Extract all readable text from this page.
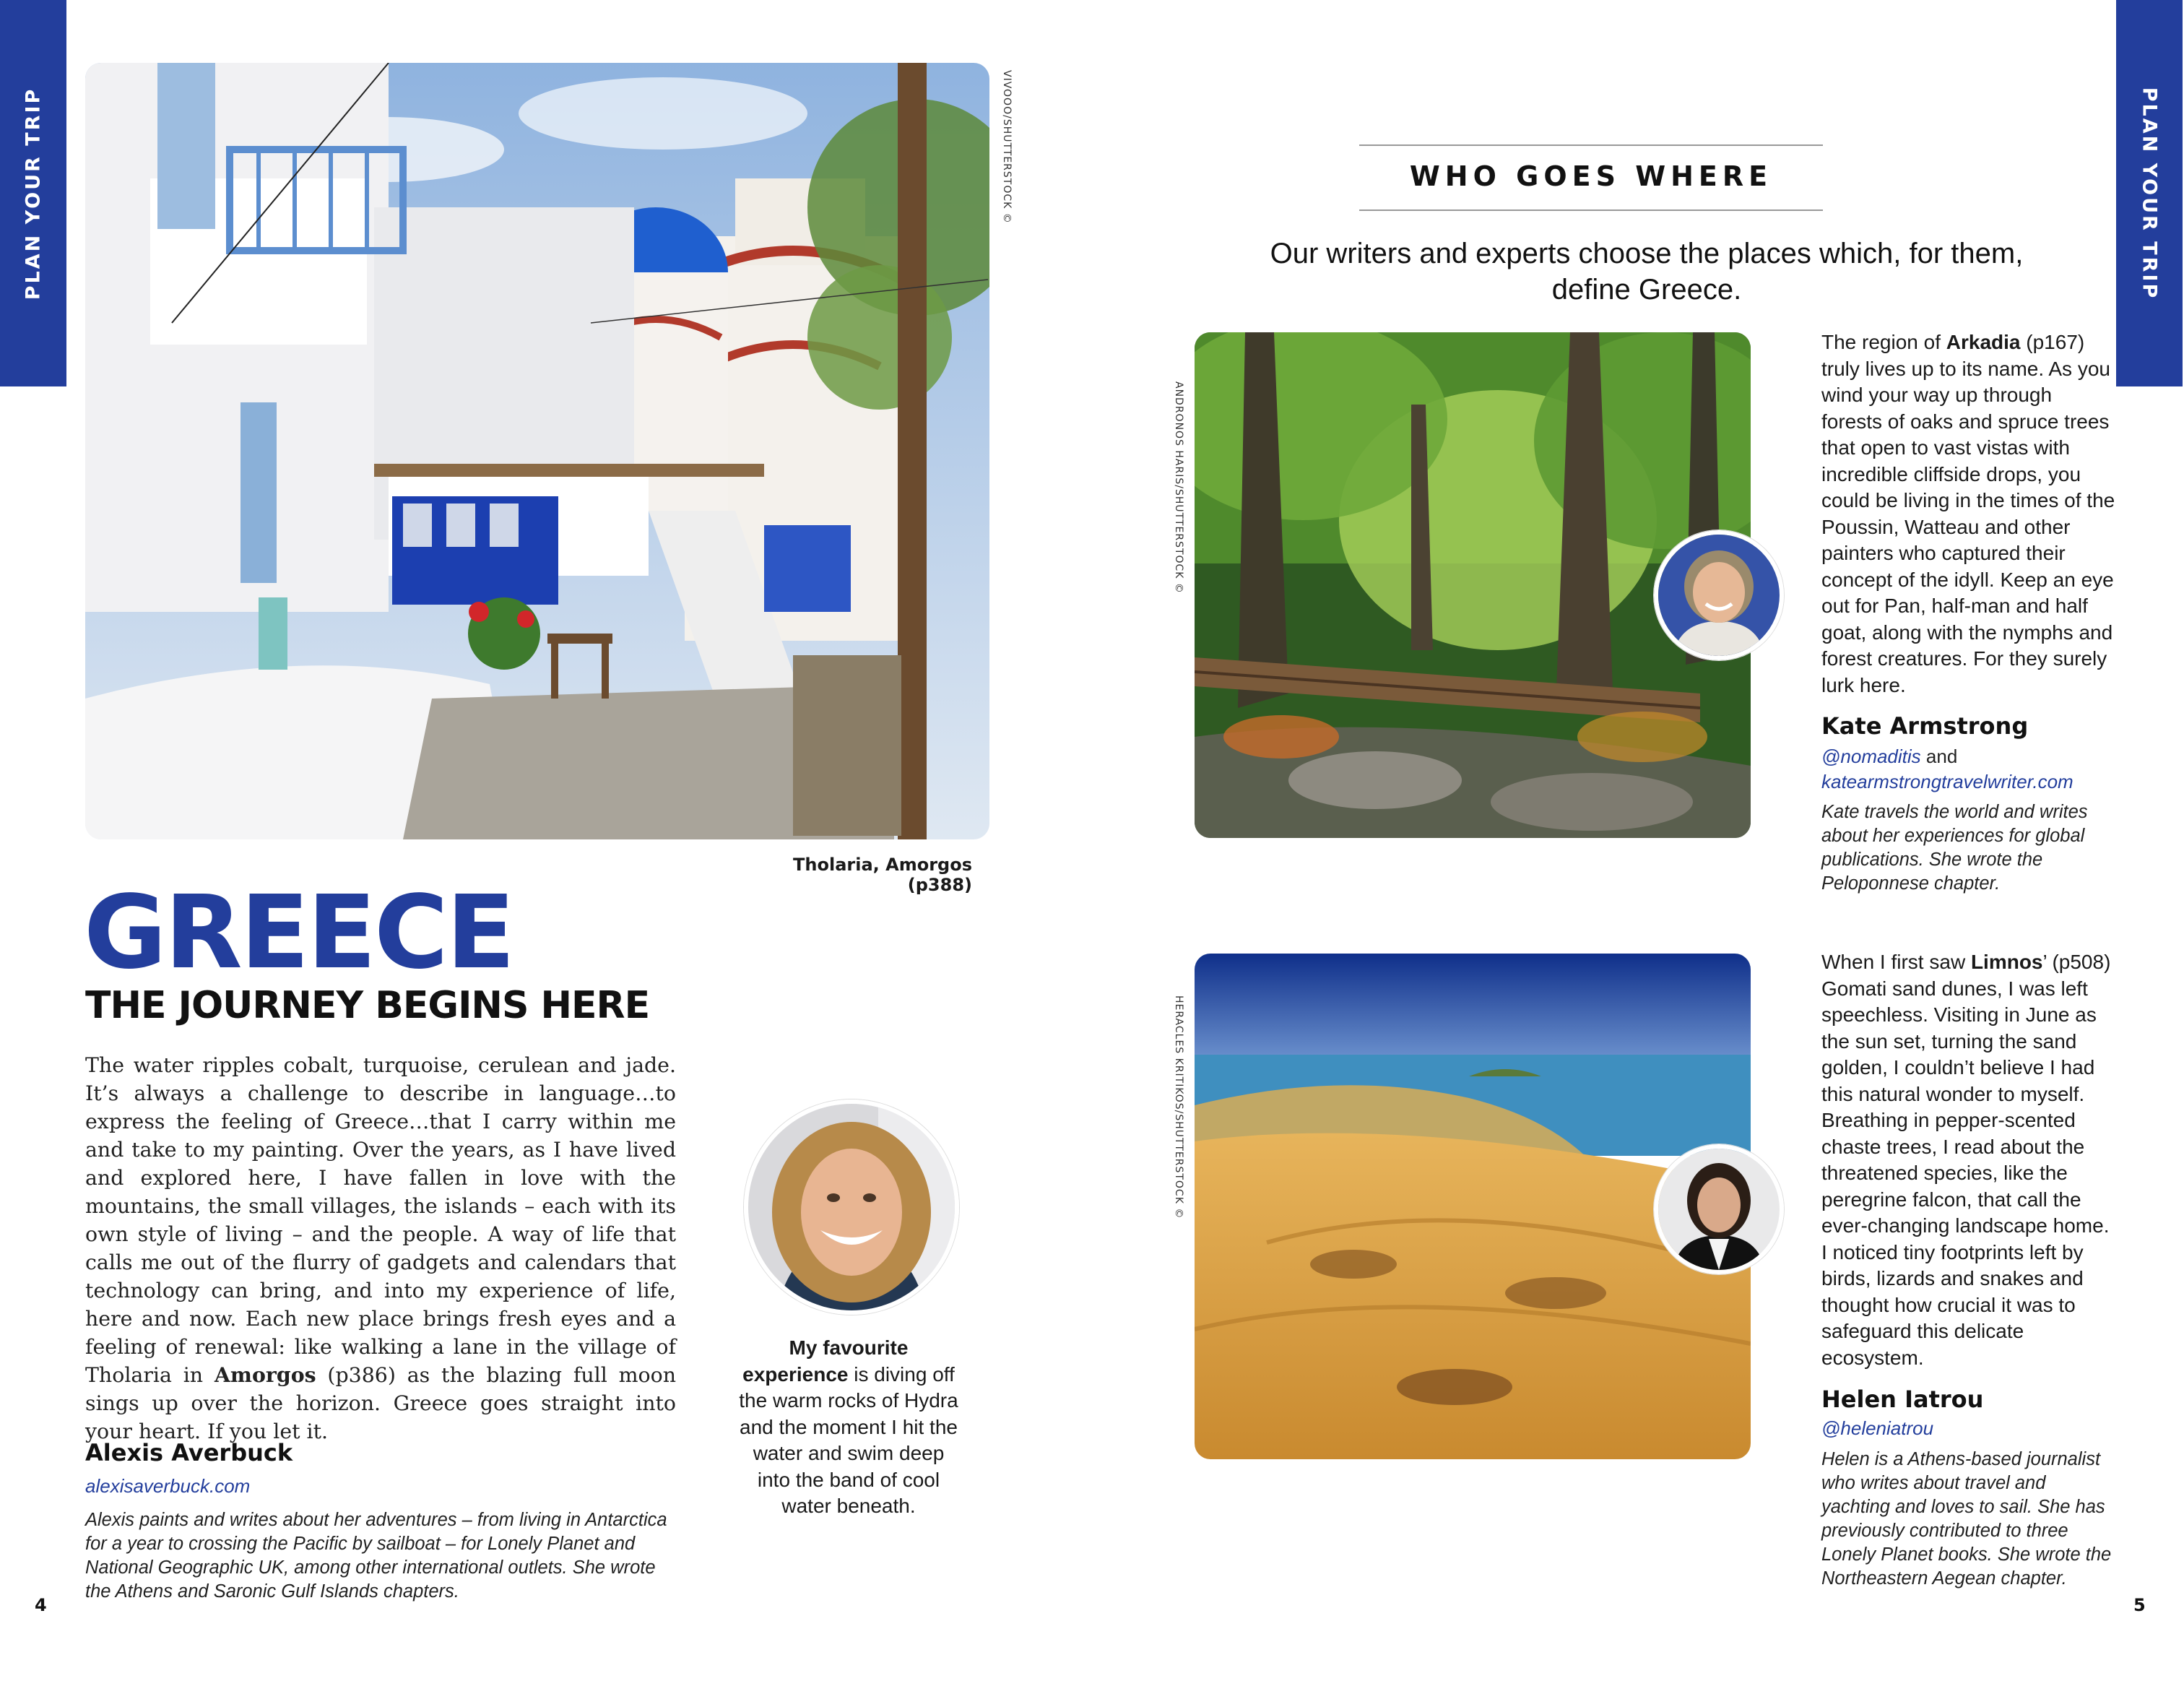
PLAN YOUR TRIP	PLAN YOUR TRIP
VIVOOO/SHUTTERSTOCK ©
Tholaria, Amorgos (p388)
GREECE
THE JOURNEY BEGINS HERE
The water ripples cobalt, turquoise, cerulean and jade. It’s always a challenge to describe in language…to express the feeling of Greece…that I carry within me and take to my painting. Over the years, as I have lived and explored here, I have fallen in love with the mountains, the small villages, the islands – each with its own style of living – and the people. A way of life that calls me out of the flurry of gadgets and calendars that technology can bring, and into my experience of life, here and now. Each new place brings fresh eyes and a feeling of renewal: like walking a lane in the village of Tholaria in Amorgos (p386) as the blazing full moon sings up over the horizon. Greece goes straight into your heart. If you let it.
Alexis Averbuck
alexisaverbuck.com
Alexis paints and writes about her adventures – from living in Antarctica for a year to crossing the Pacific by sailboat – for Lonely Planet and National Geographic UK, among other international outlets. She wrote the Athens and Saronic Gulf Islands chapters.
My favourite experience is diving off the warm rocks of Hydra and the moment I hit the water and swim deep into the band of cool water beneath.
4
WHO GOES WHERE
Our writers and experts choose the places which, for them, define Greece.
ANDRONOS HARIS/SHUTTERSTOCK ©
The region of Arkadia (p167) truly lives up to its name. As you wind your way up through forests of oaks and spruce trees that open to vast vistas with incredible cliffside drops, you could be living in the times of the Poussin, Watteau and other painters who captured their concept of the idyll. Keep an eye out for Pan, half-man and half goat, along with the nymphs and forest creatures. For they surely lurk here.
Kate Armstrong
@nomaditis and
katearmstrongtravelwriter.com
Kate travels the world and writes about her experiences for global publications. She wrote the Peloponnese chapter.
HERACLES KRITIKOS/SHUTTERSTOCK ©
When I first saw Limnos’ (p508) Gomati sand dunes, I was left speechless. Visiting in June as the sun set, turning the sand golden, I couldn’t believe I had this natural wonder to myself. Breathing in pepper-scented chaste trees, I read about the threatened species, like the peregrine falcon, that call the ever-changing landscape home. I noticed tiny footprints left by birds, lizards and snakes and thought how crucial it was to safeguard this delicate ecosystem.
Helen Iatrou
@heleniatrou
Helen is a Athens-based journalist who writes about travel and yachting and loves to sail. She has previously contributed to three Lonely Planet books. She wrote the Northeastern Aegean chapter.
5
